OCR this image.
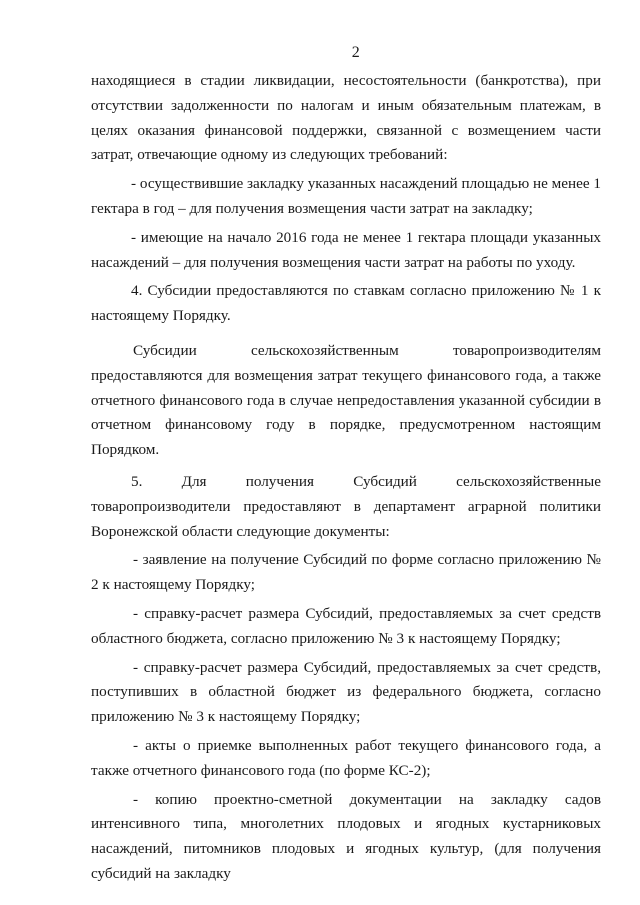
2

находящиеся в стадии ликвидации, несостоятельности (банкротства), при отсутствии задолженности по налогам и иным обязательным платежам, в целях оказания финансовой поддержки, связанной с возмещением части затрат, отвечающие одному из следующих требований:

- осуществившие закладку указанных насаждений площадью не менее 1 гектара в год – для получения возмещения части затрат на закладку;

- имеющие на начало 2016 года не менее 1 гектара площади указанных насаждений – для получения возмещения части затрат на работы по уходу.

4. Субсидии предоставляются по ставкам согласно приложению № 1 к настоящему Порядку.

Субсидии сельскохозяйственным товаропроизводителям предоставляются для возмещения затрат текущего финансового года, а также отчетного финансового года в случае непредоставления указанной субсидии в отчетном финансовому году в порядке, предусмотренном настоящим Порядком.

5. Для получения Субсидий сельскохозяйственные товаропроизводители предоставляют в департамент аграрной политики Воронежской области следующие документы:

- заявление на получение Субсидий по форме согласно приложению № 2 к настоящему Порядку;

- справку-расчет размера Субсидий, предоставляемых за счет средств областного бюджета, согласно приложению № 3 к настоящему Порядку;

- справку-расчет размера Субсидий, предоставляемых за счет средств, поступивших в областной бюджет из федерального бюджета, согласно приложению № 3 к настоящему Порядку;

- акты о приемке выполненных работ текущего финансового года, а также отчетного финансового года (по форме КС-2);

- копию проектно-сметной документации на закладку садов интенсивного типа, многолетних плодовых и ягодных кустарниковых насаждений, питомников плодовых и ягодных культур, (для получения субсидий на закладку
